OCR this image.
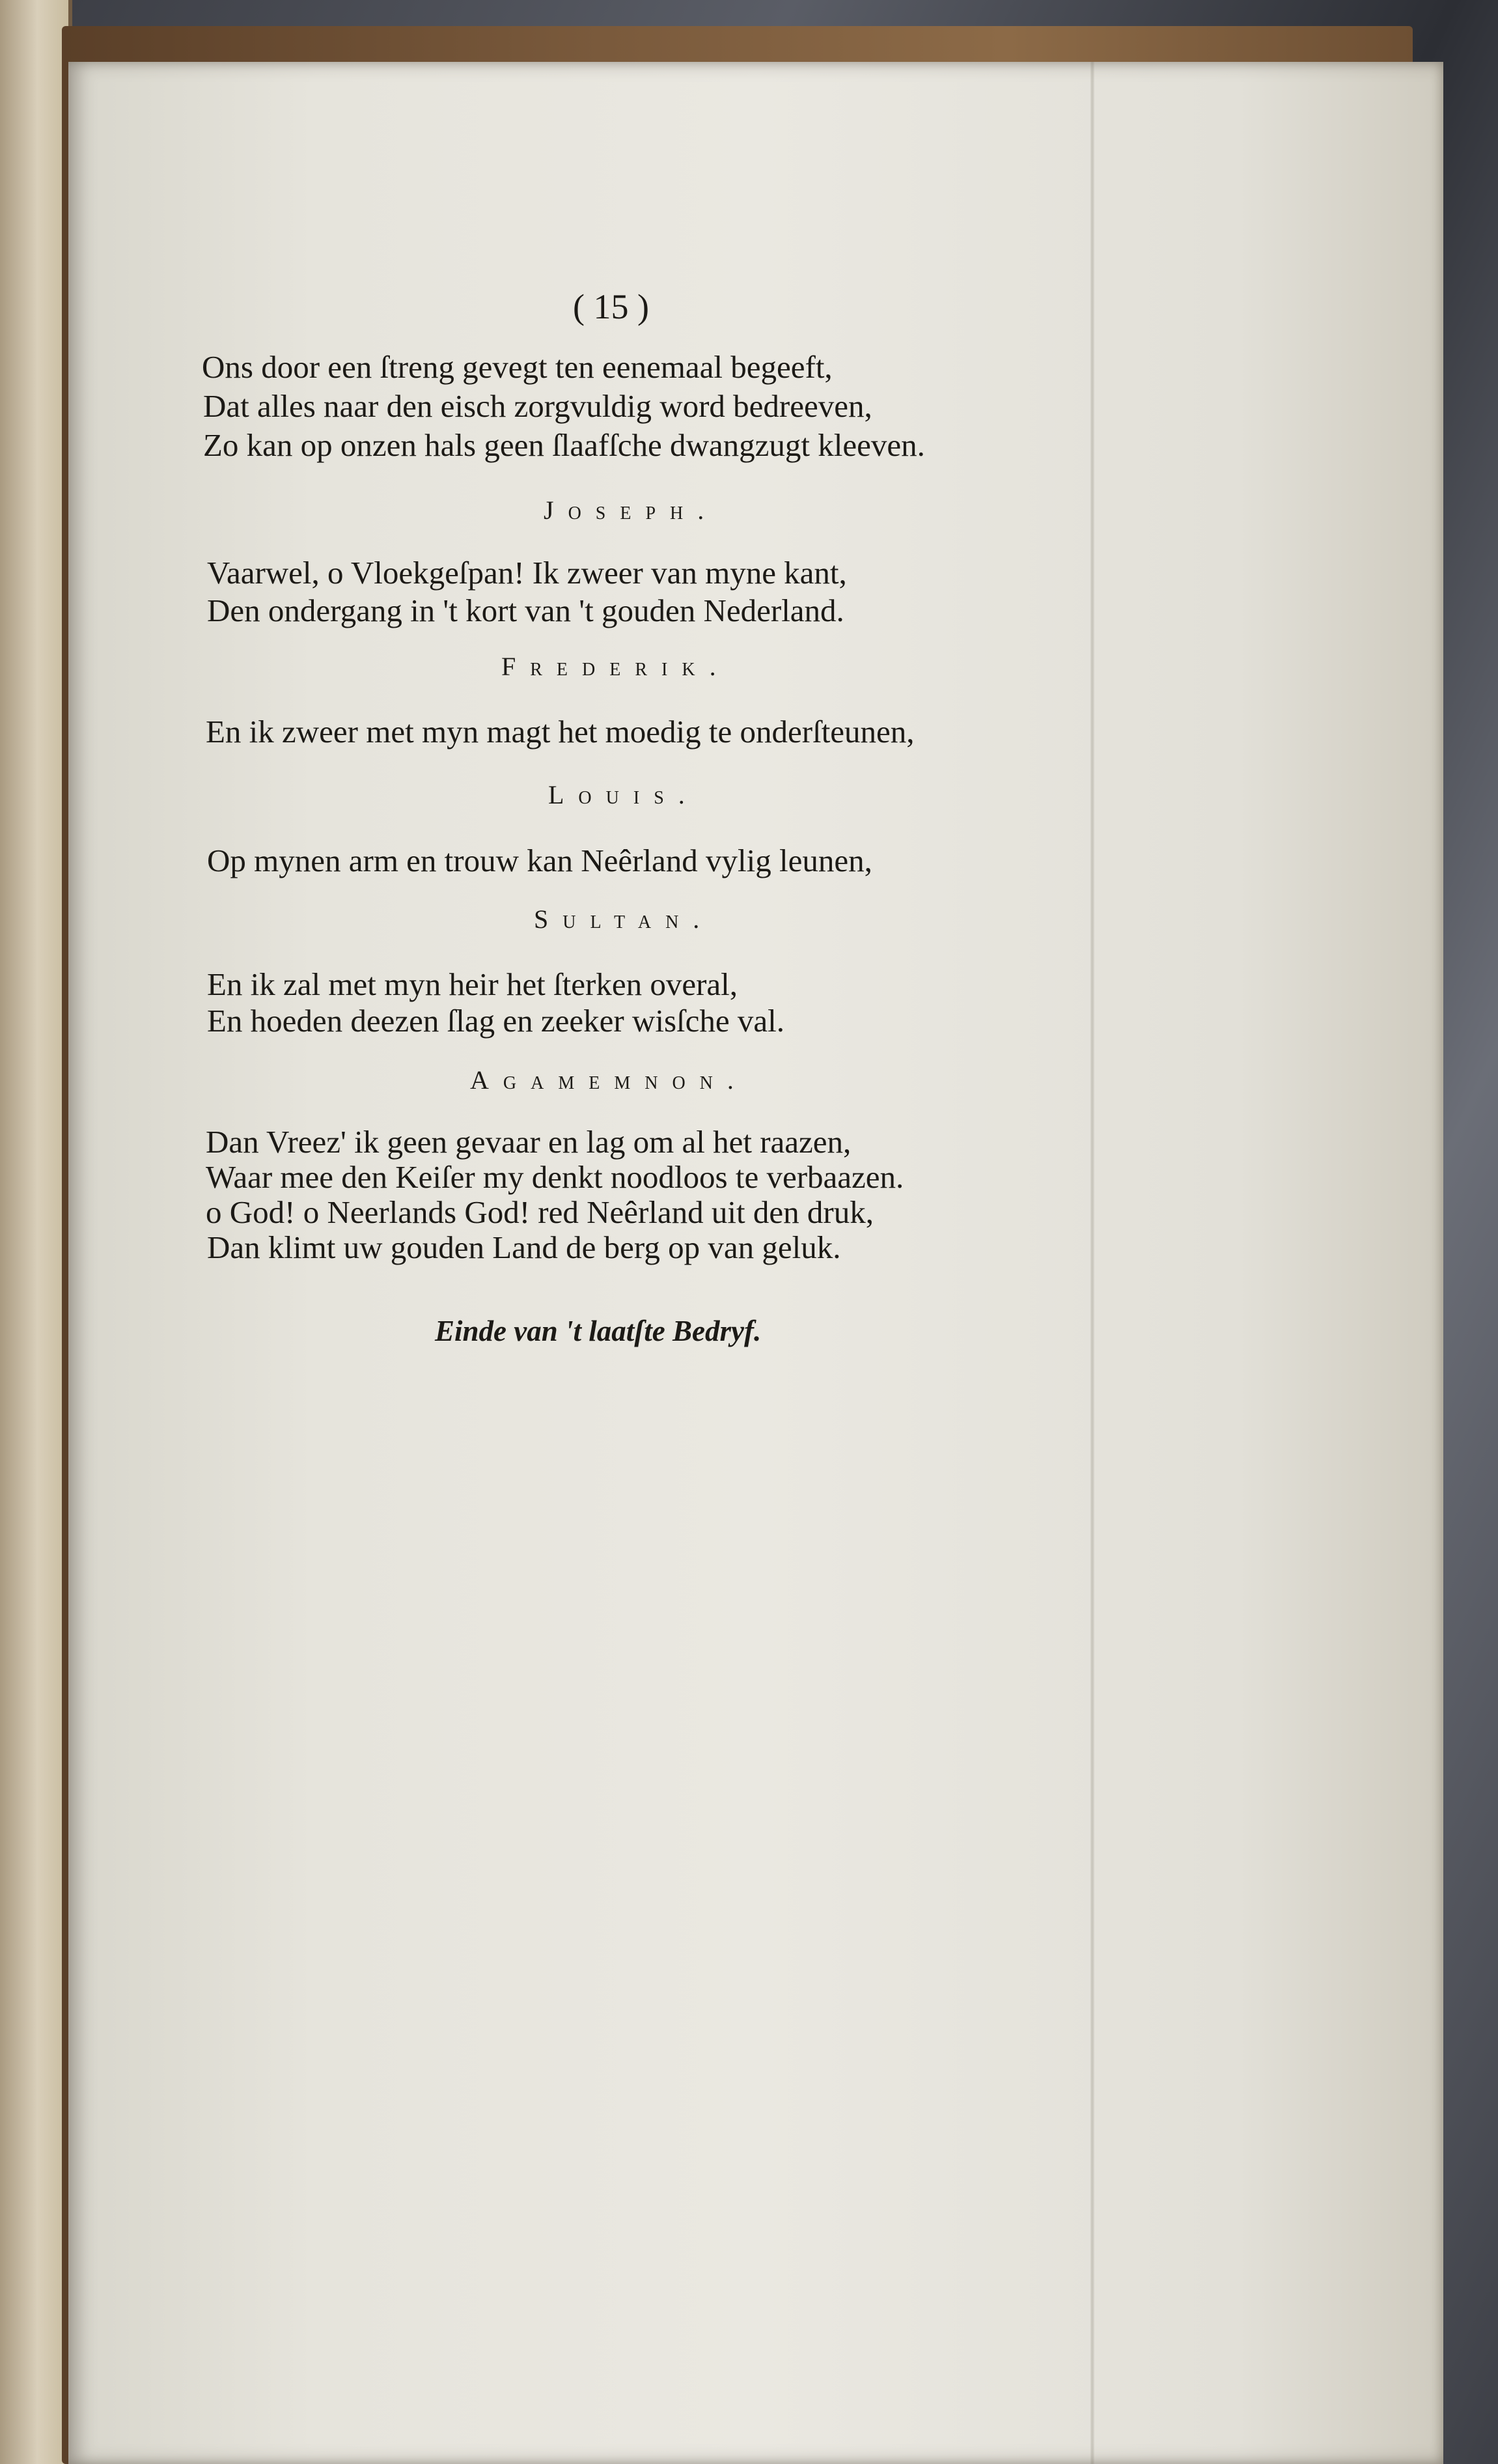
( 15 )
Ons door een ſtreng gevegt ten eenemaal begeeft,
Dat alles naar den eisch zorgvuldig word bedreeven,
Zo kan op onzen hals geen ſlaafſche dwangzugt kleeven.
Joseph.
Vaarwel, o Vloekgeſpan! Ik zweer van myne kant,
Den ondergang in 't kort van 't gouden Nederland.
Frederik.
En ik zweer met myn magt het moedig te onderſteunen,
Louis.
Op mynen arm en trouw kan Neêrland vylig leunen,
Sultan.
En ik zal met myn heir het ſterken overal,
En hoeden deezen ſlag en zeeker wisſche val.
Agamemnon.
Dan Vreez' ik geen gevaar en lag om al het raazen,
Waar mee den Keiſer my denkt noodloos te verbaazen.
o God! o Neerlands God! red Neêrland uit den druk,
Dan klimt uw gouden Land de berg op van geluk.
Einde van 't laatſte Bedryf.
